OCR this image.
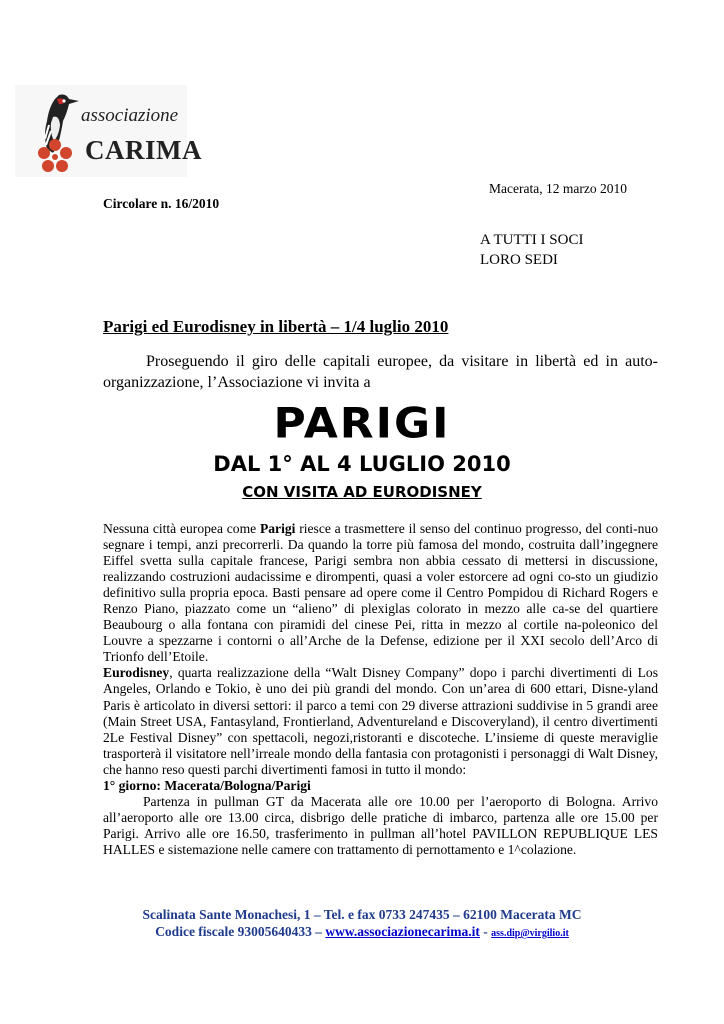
associazione
CARIMA
Macerata, 12 marzo 2010
Circolare n. 16/2010
A TUTTI I SOCI
LORO SEDI
Parigi ed Eurodisney in libertà – 1/4 luglio 2010
Proseguendo il giro delle capitali europee, da visitare in libertà ed in auto-organizzazione, l’Associazione vi invita a
PARIGI
DAL 1° AL 4 LUGLIO 2010
CON VISITA AD EURODISNEY

Nessuna città europea come Parigi riesce a trasmettere il senso del continuo progresso, del conti-nuo segnare i tempi, anzi precorrerli. Da quando la torre più famosa del mondo, costruita dall’ingegnere Eiffel svetta sulla capitale francese, Parigi sembra non abbia cessato di mettersi in discussione, realizzando costruzioni audacissime e dirompenti, quasi a voler estorcere ad ogni co-sto un giudizio definitivo sulla propria epoca. Basti pensare ad opere come il Centro Pompidou di Richard Rogers e Renzo Piano, piazzato come un “alieno” di plexiglas colorato in mezzo alle ca-se del quartiere Beaubourg o alla fontana con piramidi del cinese Pei, ritta in mezzo al cortile na-poleonico del Louvre a spezzarne i contorni o all’Arche de la Defense, edizione per il XXI secolo dell’Arco di Trionfo dell’Etoile.

Eurodisney, quarta realizzazione della “Walt Disney Company” dopo i parchi divertimenti di Los Angeles, Orlando e Tokio, è uno dei più grandi del mondo. Con un’area di 600 ettari, Disne-yland Paris è articolato in diversi settori: il parco a temi con 29 diverse attrazioni suddivise in 5 grandi aree (Main Street USA, Fantasyland, Frontierland, Adventureland e Discoveryland), il centro divertimenti 2Le Festival Disney” con spettacoli, negozi,ristoranti e discoteche. L’insieme di queste meraviglie trasporterà il visitatore nell’irreale mondo della fantasia con protagonisti i personaggi di Walt Disney, che hanno reso questi parchi divertimenti famosi in tutto il mondo:

1° giorno: Macerata/Bologna/Parigi

Partenza in pullman GT da Macerata alle ore 10.00 per l’aeroporto di Bologna. Arrivo all’aeroporto alle ore 13.00 circa, disbrigo delle pratiche di imbarco, partenza alle ore 15.00 per Parigi. Arrivo alle ore 16.50, trasferimento in pullman all’hotel PAVILLON REPUBLIQUE LES HALLES e sistemazione nelle camere con trattamento di pernottamento e 1^colazione.

Scalinata Sante Monachesi, 1 – Tel. e fax 0733 247435 – 62100 Macerata MC
Codice fiscale 93005640433 – www.associazionecarima.it - ass.dip@virgilio.it
